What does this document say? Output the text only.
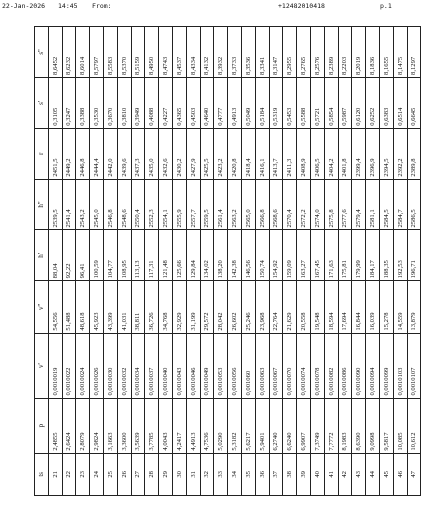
22-Jan-2026 14:45 From:	+12482010418	p.1
ts	p	v'	v''	h'	h''	r	s'	s''
21	2,4855	0,0010019	54,556	88,04	2539,5	2451,5	0,3105	8,6452
22	2,6424	0,0010022	51,488	92,22	2541,4	2449,2	0,3247	8,6232
23	2,8079	0,0010024	48,618	96,41	2543,2	2446,8	0,3388	8,6014
24	2,9824	0,0010026	45,923	100,59	2545,0	2444,4	0,3530	8,5797
25	3,1663	0,0010030	43,399	104,77	2546,8	2442,0	0,3670	8,5583
26	3,3600	0,0010032	41,031	108,95	2548,6	2439,6	0,3810	8,5370
27	3,5639	0,0010034	38,811	113,13	2550,4	2437,3	0,3949	8,5159
28	3,7785	0,0010037	36,726	117,31	2552,3	2435,0	0,4088	8,4950
29	4,0043	0,0010040	34,768	121,48	2554,1	2432,6	0,4227	8,4743
30	4,2417	0,0010043	32,929	125,66	2555,9	2430,2	0,4365	8,4537
31	4,4913	0,0010046	31,199	129,84	2557,7	2427,9	0,4503	8,4334
32	4,7536	0,0010049	29,572	134,02	2559,5	2425,5	0,4640	8,4132
33	5,0290	0,0010053	28,042	138,20	2561,4	2423,2	0,4777	8,3932
34	5,3182	0,0010056	26,602	142,38	2563,2	2420,8	0,4913	8,3733
35	5,6217	0,001060	25,246	146,56	2565,0	2418,4	0,5049	8,3536
36	5,9401	0,0010063	23,968	150,74	2566,8	2416,1	0,5184	8,3341
37	6,2740	0,0010067	22,764	154,92	2568,6	2413,7	0,5319	8,3147
38	6,6240	0,0010070	21,629	159,09	2570,4	2411,3	0,5453	8,2955
39	6,9907	0,0010074	20,558	163,27	2572,2	2408,9	0,5588	8,2765
40	7,3749	0,0010078	19,548	167,45	2574,0	2406,5	0,5721	8,2576
41	7,7772	0,0010082	18,594	171,63	2575,8	2404,2	0,5854	8,2389
42	8,1983	0,0010086	17,694	175,81	2577,6	2401,8	0,5987	8,2203
43	8,6390	0,0010090	16,844	179,99	2579,4	2399,4	0,6120	8,2019
44	9,0998	0,0010094	16,039	184,17	2581,1	2396,9	0,6252	8,1836
45	9,5817	0,0010099	15,278	188,35	2584,5	2394,5	0,6383	8,1655
46	10,085	0,0010103	14,559	192,53	2584,7	2392,2	0,6514	8,1475
47	10,612	0,0010107	13,879	196,71	2586,5	2389,8	0,6645	8,1297
